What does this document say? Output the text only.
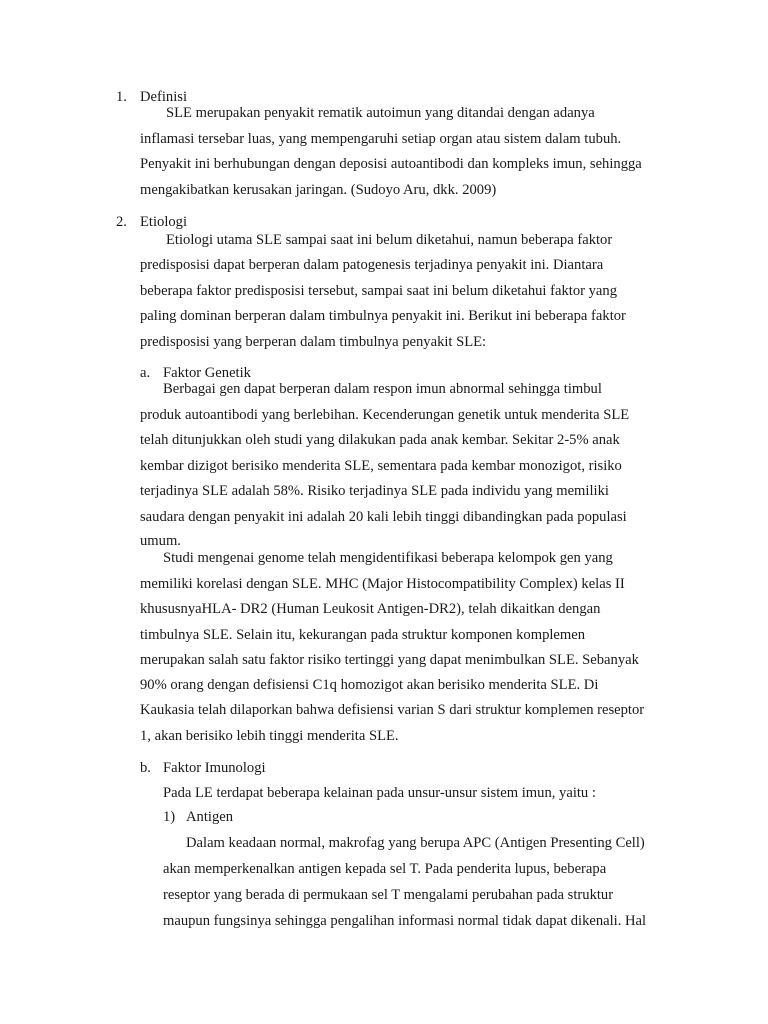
1. Definisi
SLE merupakan penyakit rematik autoimun yang ditandai dengan adanya
inflamasi tersebar luas, yang mempengaruhi setiap organ atau sistem dalam tubuh.
Penyakit ini berhubungan dengan deposisi autoantibodi dan kompleks imun, sehingga
mengakibatkan kerusakan jaringan. (Sudoyo Aru, dkk. 2009)
2. Etiologi
Etiologi utama SLE sampai saat ini belum diketahui, namun beberapa faktor
predisposisi dapat berperan dalam patogenesis terjadinya penyakit ini. Diantara
beberapa faktor predisposisi tersebut, sampai saat ini belum diketahui faktor yang
paling dominan berperan dalam timbulnya penyakit ini. Berikut ini beberapa faktor
predisposisi yang berperan dalam timbulnya penyakit SLE:
a. Faktor Genetik
Berbagai gen dapat berperan dalam respon imun abnormal sehingga timbul
produk autoantibodi yang berlebihan. Kecenderungan genetik untuk menderita SLE
telah ditunjukkan oleh studi yang dilakukan pada anak kembar. Sekitar 2-5% anak
kembar dizigot berisiko menderita SLE, sementara pada kembar monozigot, risiko
terjadinya SLE adalah 58%. Risiko terjadinya SLE pada individu yang memiliki
saudara dengan penyakit ini adalah 20 kali lebih tinggi dibandingkan pada populasi
umum.
Studi mengenai genome telah mengidentifikasi beberapa kelompok gen yang
memiliki korelasi dengan SLE. MHC (Major Histocompatibility Complex) kelas II
khususnyaHLA- DR2 (Human Leukosit Antigen-DR2), telah dikaitkan dengan
timbulnya SLE. Selain itu, kekurangan pada struktur komponen komplemen
merupakan salah satu faktor risiko tertinggi yang dapat menimbulkan SLE. Sebanyak
90% orang dengan defisiensi C1q homozigot akan berisiko menderita SLE. Di
Kaukasia telah dilaporkan bahwa defisiensi varian S dari struktur komplemen reseptor
1, akan berisiko lebih tinggi menderita SLE.
b. Faktor Imunologi
Pada LE terdapat beberapa kelainan pada unsur-unsur sistem imun, yaitu :
1) Antigen
Dalam keadaan normal, makrofag yang berupa APC (Antigen Presenting Cell)
akan memperkenalkan antigen kepada sel T. Pada penderita lupus, beberapa
reseptor yang berada di permukaan sel T mengalami perubahan pada struktur
maupun fungsinya sehingga pengalihan informasi normal tidak dapat dikenali. Hal
